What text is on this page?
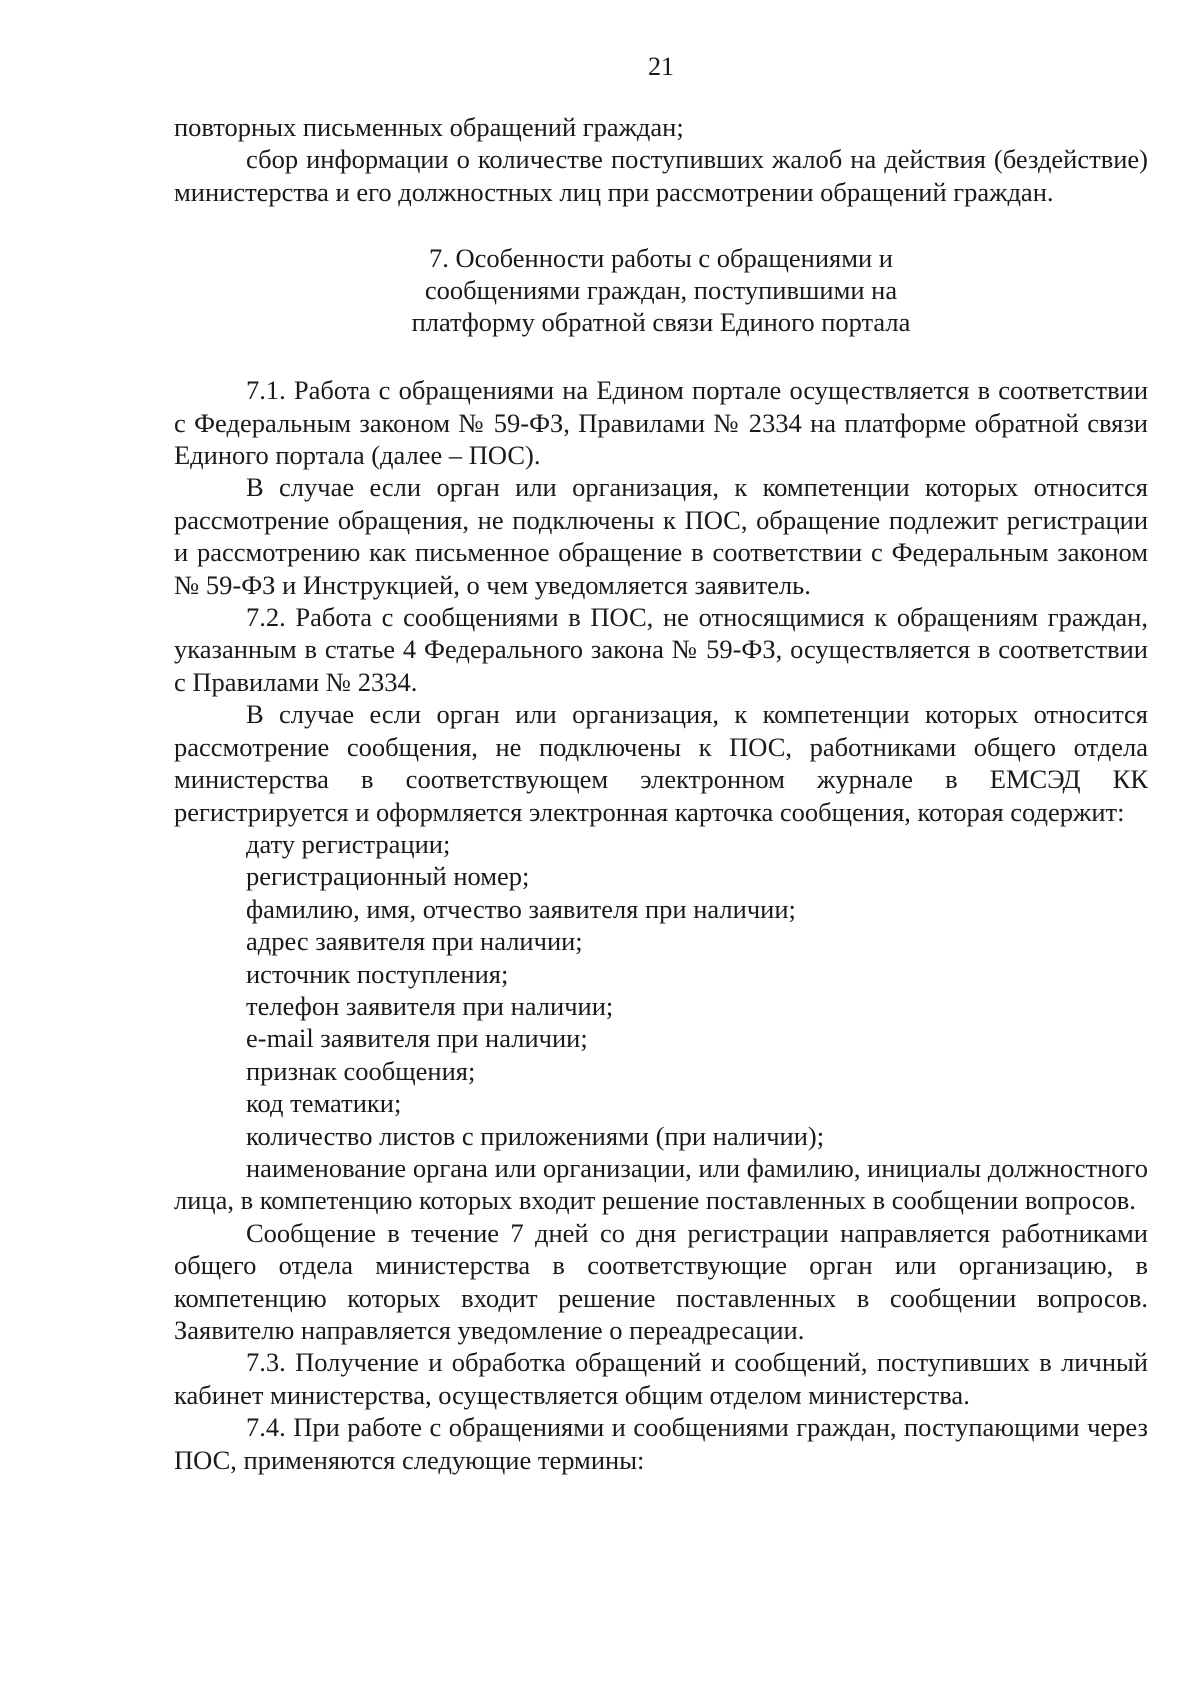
21

повторных письменных обращений граждан;

сбор информации о количестве поступивших жалоб на действия (бездействие) министерства и его должностных лиц при рассмотрении обращений граждан.

7. Особенности работы с обращениями и
сообщениями граждан, поступившими на
платформу обратной связи Единого портала

7.1. Работа с обращениями на Едином портале осуществляется в соответствии с Федеральным законом № 59-ФЗ, Правилами № 2334 на платформе обратной связи Единого портала (далее – ПОС).

В случае если орган или организация, к компетенции которых относится рассмотрение обращения, не подключены к ПОС, обращение подлежит регистрации и рассмотрению как письменное обращение в соответствии с Федеральным законом № 59-ФЗ и Инструкцией, о чем уведомляется заявитель.

7.2. Работа с сообщениями в ПОС, не относящимися к обращениям граждан, указанным в статье 4 Федерального закона № 59-ФЗ, осуществляется в соответствии с Правилами № 2334.

В случае если орган или организация, к компетенции которых относится рассмотрение сообщения, не подключены к ПОС, работниками общего отдела министерства в соответствующем электронном журнале в ЕМСЭД КК регистрируется и оформляется электронная карточка сообщения, которая содержит:

дату регистрации;

регистрационный номер;

фамилию, имя, отчество заявителя при наличии;

адрес заявителя при наличии;

источник поступления;

телефон заявителя при наличии;

e-mail заявителя при наличии;

признак сообщения;

код тематики;

количество листов с приложениями (при наличии);

наименование органа или организации, или фамилию, инициалы должностного лица, в компетенцию которых входит решение поставленных в сообщении вопросов.

Сообщение в течение 7 дней со дня регистрации направляется работниками общего отдела министерства в соответствующие орган или организацию, в компетенцию которых входит решение поставленных в сообщении вопросов. Заявителю направляется уведомление о переадресации.

7.3. Получение и обработка обращений и сообщений, поступивших в личный кабинет министерства, осуществляется общим отделом министерства.

7.4. При работе с обращениями и сообщениями граждан, поступающими через ПОС, применяются следующие термины:
